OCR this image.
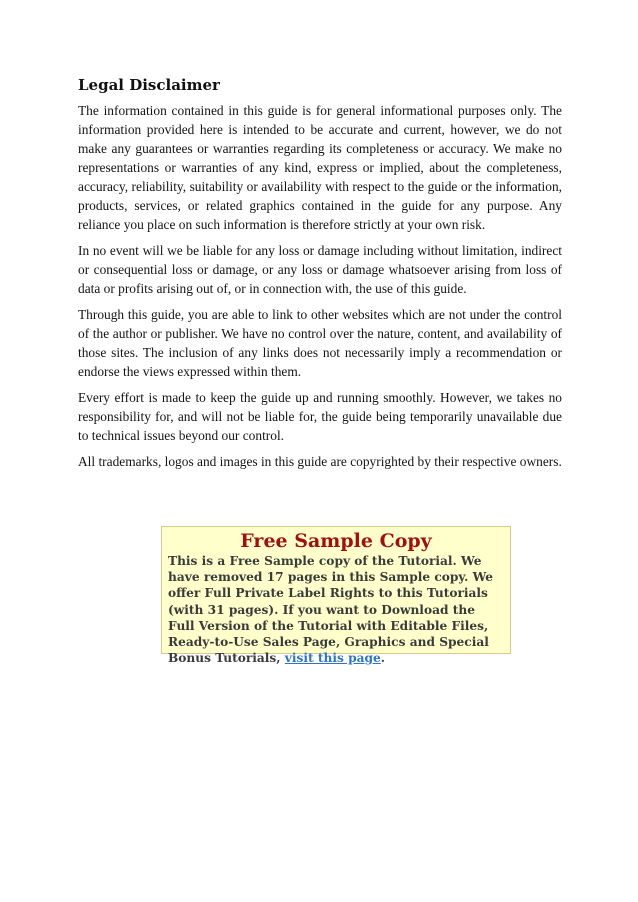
Legal Disclaimer

The information contained in this guide is for general informational purposes only. The information provided here is intended to be accurate and current, however, we do not make any guarantees or warranties regarding its completeness or accuracy. We make no representations or warranties of any kind, express or implied, about the completeness, accuracy, reliability, suitability or availability with respect to the guide or the information, products, services, or related graphics contained in the guide for any purpose. Any reliance you place on such information is therefore strictly at your own risk.

In no event will we be liable for any loss or damage including without limitation, indirect or consequential loss or damage, or any loss or damage whatsoever arising from loss of data or profits arising out of, or in connection with, the use of this guide.

Through this guide, you are able to link to other websites which are not under the control of the author or publisher. We have no control over the nature, content, and availability of those sites. The inclusion of any links does not necessarily imply a recommendation or endorse the views expressed within them.

Every effort is made to keep the guide up and running smoothly. However, we takes no responsibility for, and will not be liable for, the guide being temporarily unavailable due to technical issues beyond our control.

All trademarks, logos and images in this guide are copyrighted by their respective owners.

Free Sample Copy

This is a Free Sample copy of the Tutorial. We have removed 17 pages in this Sample copy. We offer Full Private Label Rights to this Tutorials (with 31 pages). If you want to Download the Full Version of the Tutorial with Editable Files, Ready-to-Use Sales Page, Graphics and Special Bonus Tutorials, visit this page.
